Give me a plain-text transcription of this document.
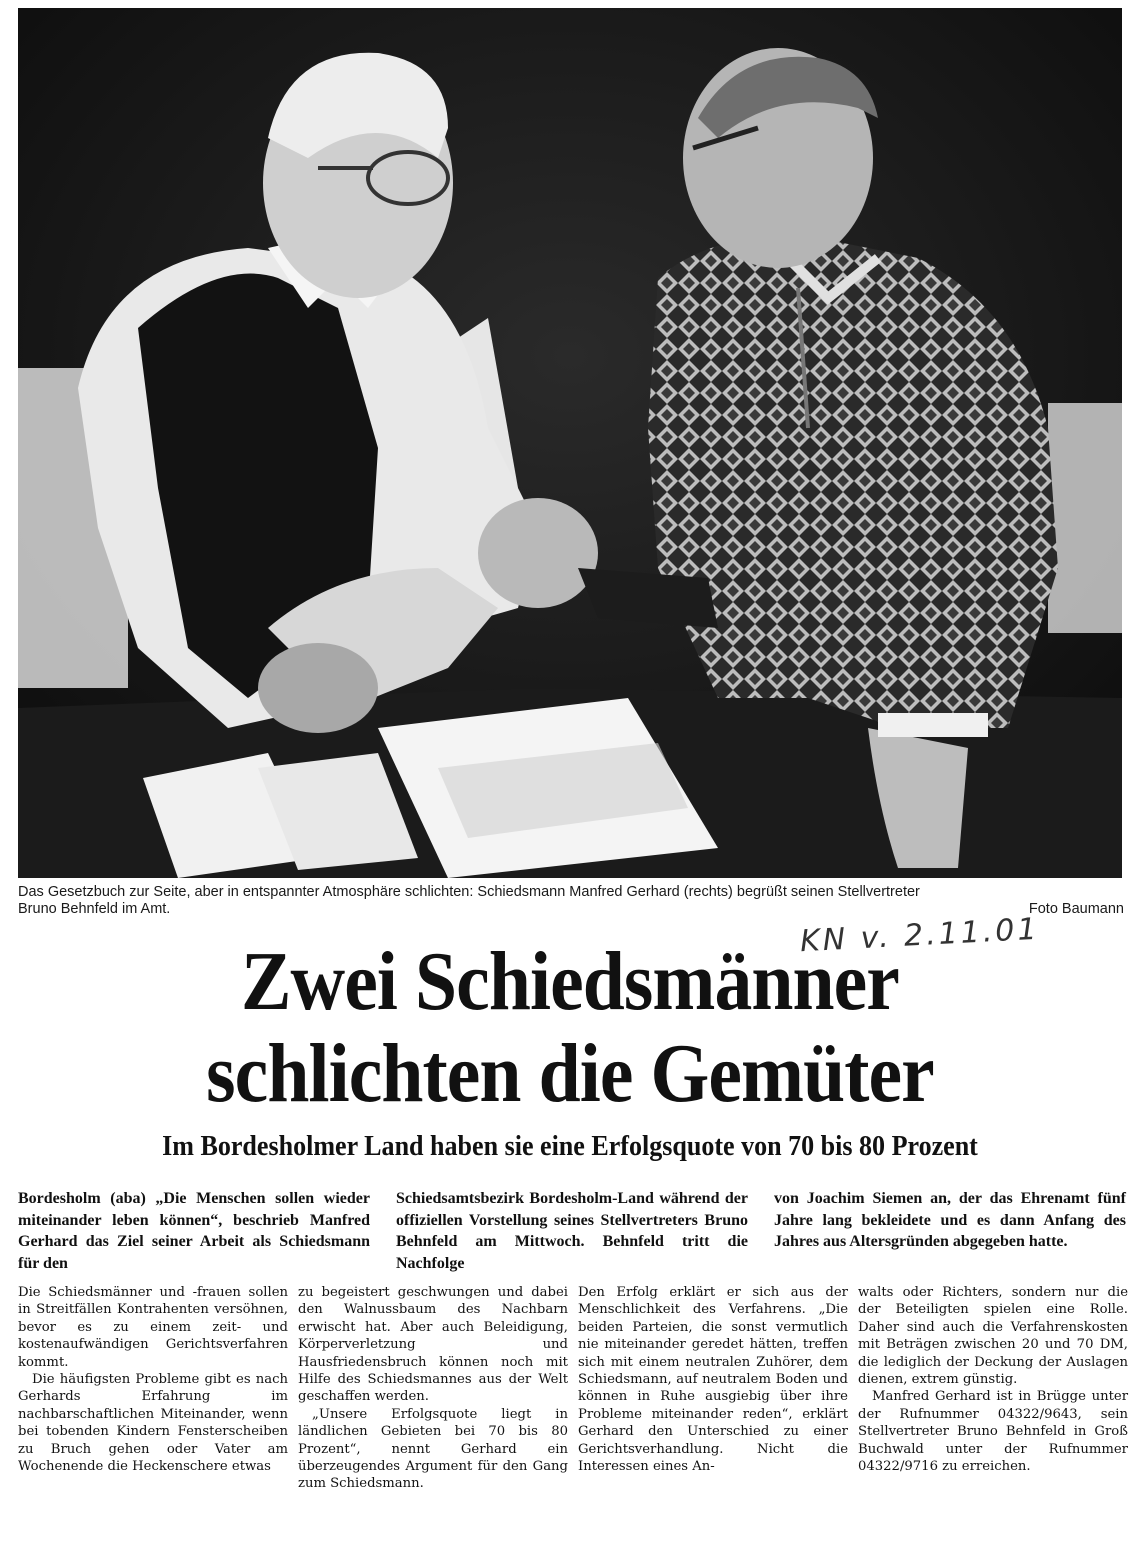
Das Gesetzbuch zur Seite, aber in entspannter Atmosphäre schlichten: Schiedsmann Manfred Gerhard (rechts) begrüßt seinen Stellvertreter
Bruno Behnfeld im Amt.	Foto Baumann
KN v. 2.11.01
Zwei Schiedsmänner
schlichten die Gemüter
Im Bordesholmer Land haben sie eine Erfolgsquote von 70 bis 80 Prozent
Bordesholm (aba) „Die Menschen sollen wieder miteinander leben können“, beschrieb Manfred Gerhard das Ziel seiner Arbeit als Schiedsmann für den
Schiedsamtsbezirk Bordesholm-Land während der offiziellen Vorstellung seines Stellvertreters Bruno Behnfeld am Mittwoch. Behnfeld tritt die Nachfolge
von Joachim Siemen an, der das Ehrenamt fünf Jahre lang bekleidete und es dann Anfang des Jahres aus Altersgründen abgegeben hatte.

Die Schiedsmänner und -frauen sollen in Streitfällen Kontrahenten versöhnen, bevor es zu einem zeit- und kostenaufwändigen Gerichtsverfahren kommt.

Die häufigsten Probleme gibt es nach Gerhards Erfahrung im nachbarschaftlichen Miteinander, wenn bei tobenden Kindern Fensterscheiben zu Bruch gehen oder Vater am Wochenende die Heckenschere etwas

zu begeistert geschwungen und dabei den Walnussbaum des Nachbarn erwischt hat. Aber auch Beleidigung, Körperverletzung und Hausfriedensbruch können noch mit Hilfe des Schiedsmannes aus der Welt geschaffen werden.

„Unsere Erfolgsquote liegt in ländlichen Gebieten bei 70 bis 80 Prozent“, nennt Gerhard ein überzeugendes Argument für den Gang zum Schiedsmann.

Den Erfolg erklärt er sich aus der Menschlichkeit des Verfahrens. „Die beiden Parteien, die sonst vermutlich nie miteinander geredet hätten, treffen sich mit einem neutralen Zuhörer, dem Schiedsmann, auf neutralem Boden und können in Ruhe ausgiebig über ihre Probleme miteinander reden“, erklärt Gerhard den Unterschied zu einer Gerichtsverhandlung. Nicht die Interessen eines An-

walts oder Richters, sondern nur die der Beteiligten spielen eine Rolle. Daher sind auch die Verfahrenskosten mit Beträgen zwischen 20 und 70 DM, die lediglich der Deckung der Auslagen dienen, extrem günstig.

Manfred Gerhard ist in Brügge unter der Rufnummer 04322/9643, sein Stellvertreter Bruno Behnfeld in Groß Buchwald unter der Rufnummer 04322/9716 zu erreichen.
